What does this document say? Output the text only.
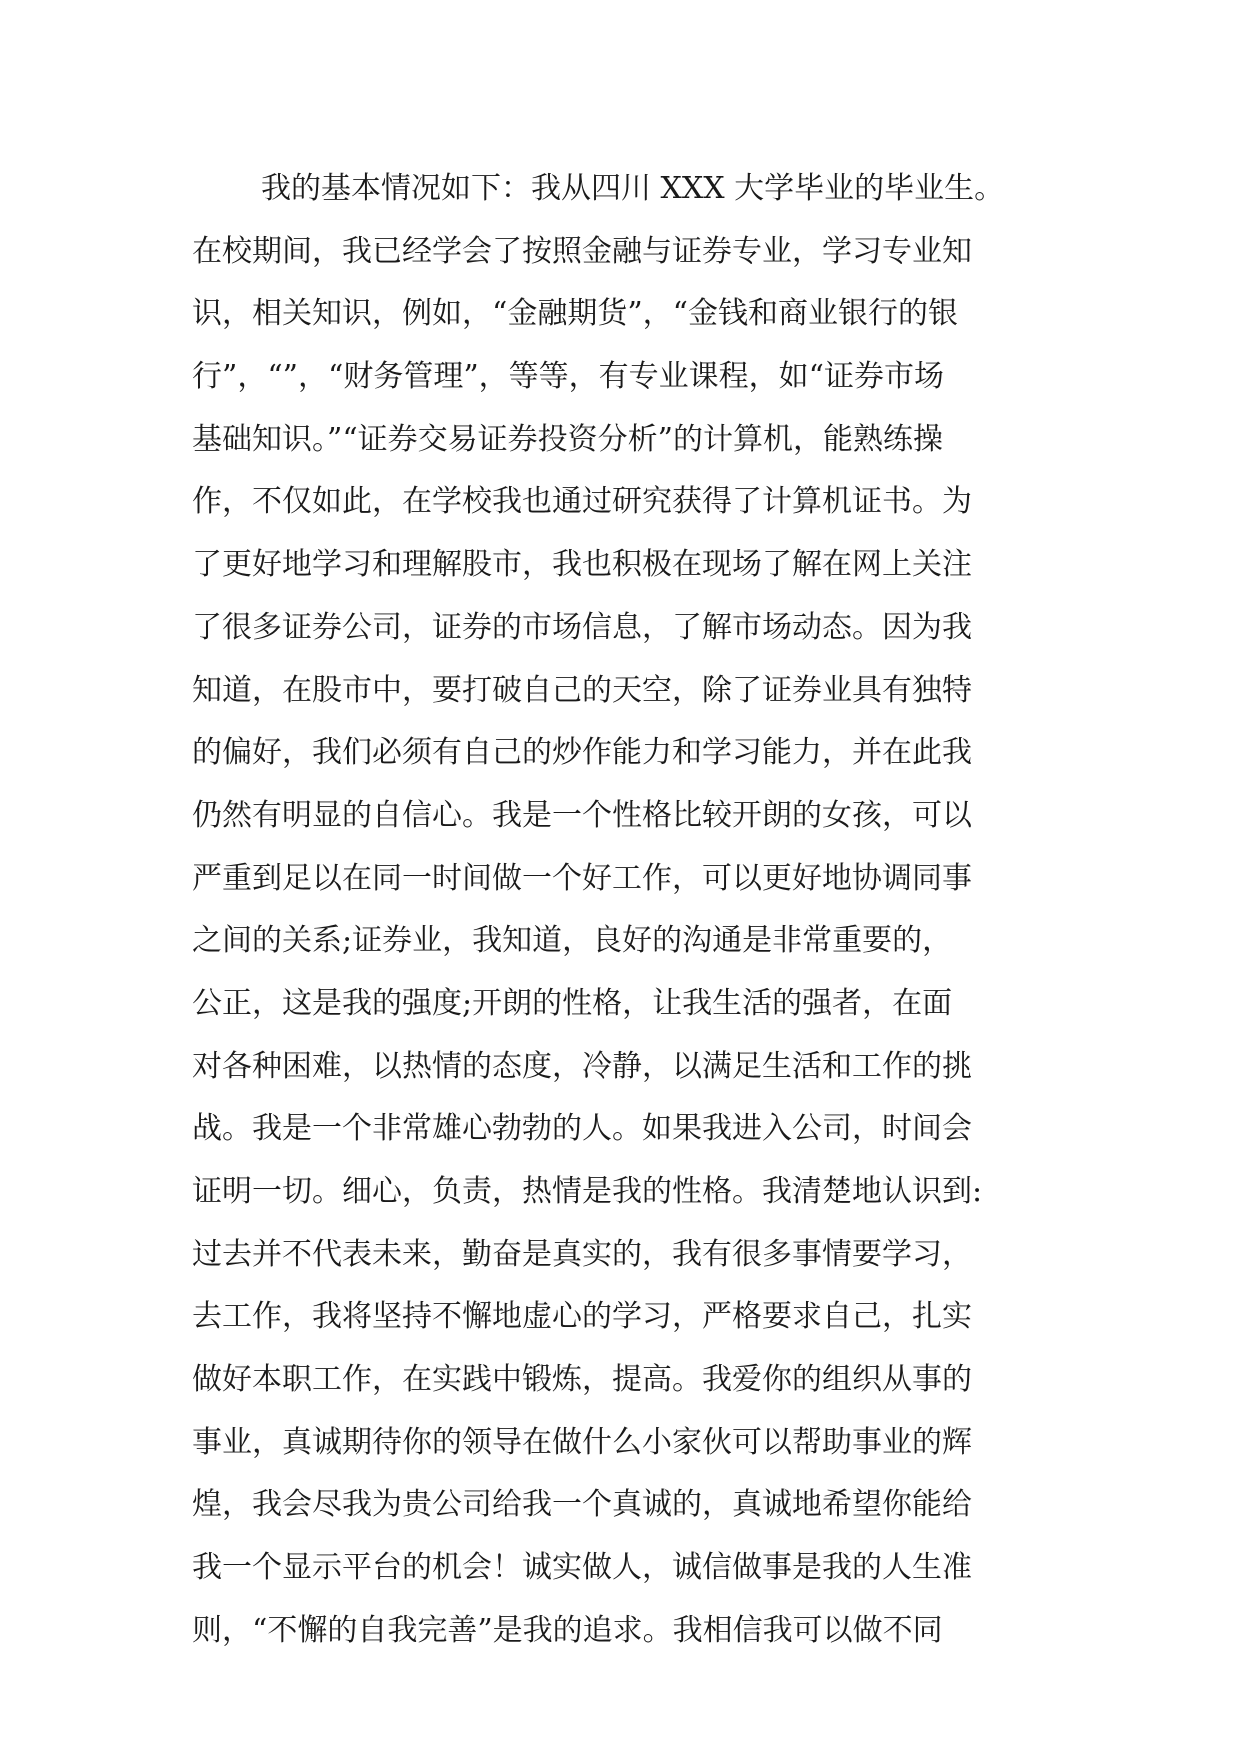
我的基本情况如下：我从四川 XXX 大学毕业的毕业生。
在校期间，我已经学会了按照金融与证券专业，学习专业知
识，相关知识，例如，“金融期货”，“金钱和商业银行的银
行”，“”，“财务管理”，等等，有专业课程，如“证券市场
基础知识。”“证券交易证券投资分析”的计算机，能熟练操
作，不仅如此，在学校我也通过研究获得了计算机证书。为
了更好地学习和理解股市，我也积极在现场了解在网上关注
了很多证券公司，证券的市场信息，了解市场动态。因为我
知道，在股市中，要打破自己的天空，除了证券业具有独特
的偏好，我们必须有自己的炒作能力和学习能力，并在此我
仍然有明显的自信心。我是一个性格比较开朗的女孩，可以
严重到足以在同一时间做一个好工作，可以更好地协调同事
之间的关系;证券业，我知道，良好的沟通是非常重要的，
公正，这是我的强度;开朗的性格，让我生活的强者，在面
对各种困难，以热情的态度，冷静，以满足生活和工作的挑
战。我是一个非常雄心勃勃的人。如果我进入公司，时间会
证明一切。细心，负责，热情是我的性格。我清楚地认识到:
过去并不代表未来，勤奋是真实的，我有很多事情要学习，
去工作，我将坚持不懈地虚心的学习，严格要求自己，扎实
做好本职工作，在实践中锻炼，提高。我爱你的组织从事的
事业，真诚期待你的领导在做什么小家伙可以帮助事业的辉
煌，我会尽我为贵公司给我一个真诚的，真诚地希望你能给
我一个显示平台的机会！诚实做人，诚信做事是我的人生准
则，“不懈的自我完善”是我的追求。我相信我可以做不同
